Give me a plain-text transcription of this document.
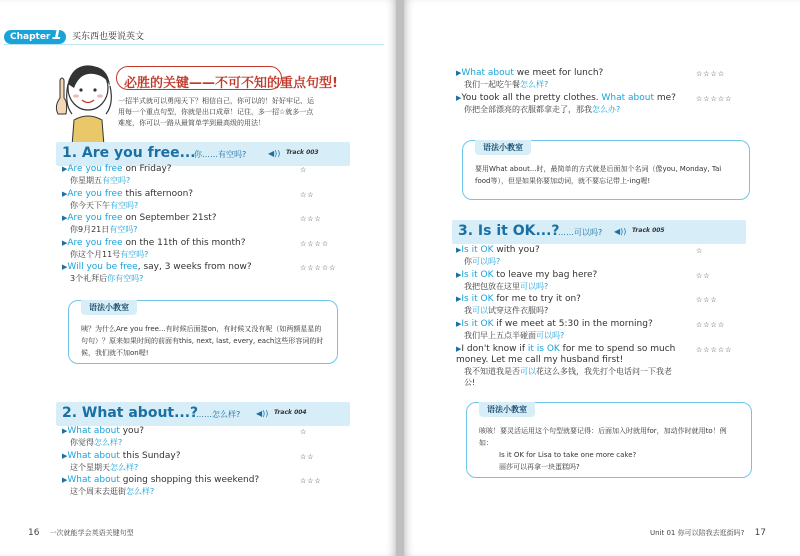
Chapter 1 买东西也要说英文
必胜的关键——不可不知的重点句型!
一招半式就可以勇闯天下？相信自己，你可以的！好好牢记、运用每一个重点句型，你就是出口成章！记住，多一招☆就多一点难度，你可以一路从最简单学到最高级的用法！
1. Are you free...
你……有空吗?	◀)) Track 003
▶Are you free on Friday?
你星期五有空吗?
☆
▶Are you free this afternoon?
你今天下午有空吗?
☆☆
▶Are you free on September 21st?
你9月21日有空吗?
☆☆☆
▶Are you free on the 11th of this month?
你这个月11号有空吗?
☆☆☆☆
▶Will you be free, say, 3 weeks from now?
3个礼拜后你有空吗?
☆☆☆☆☆
语法小教室
咦？为什么Are you free...有时候后面接on，有时候又没有呢（如两额星星的句句）？原来如果时间的前面有this, next, last, every, each这些形容词的时候，我们就不加on喔!
2. What about...?
……怎么样? ◀)) Track 004
▶What about you?
你觉得怎么样?
☆
▶What about this Sunday?
这个星期天怎么样?
☆☆
▶What about going shopping this weekend?
这个周末去逛街怎么样?
☆☆☆
16 一次就能学会英语关键句型
▶What about we meet for lunch?
我们一起吃午餐怎么样?
☆☆☆☆
▶You took all the pretty clothes. What about me?
你把全部漂亮的衣服都拿走了，那我怎么办?
☆☆☆☆☆
语法小教室
要用What about...时，最简单的方式就是后面加个名词（像you, Monday, Tai food等），但是如果你要加动词，就不要忘记带上-ing喔!
3. Is it OK...?
……可以吗? ◀)) Track 005
▶Is it OK with you?
你可以吗?
☆
▶Is it OK to leave my bag here?
我把包放在这里可以吗?
☆☆
▶Is it OK for me to try it on?
我可以试穿这件衣服吗?
☆☆☆
▶Is it OK if we meet at 5:30 in the morning?
我们早上五点半碰面可以吗?
☆☆☆☆
▶I don't know if it is OK for me to spend so much money. Let me call my husband first!
我不知道我是否可以花这么多钱，我先打个电话问一下我老公!
☆☆☆☆☆
语法小教室
咳咳！要灵活运用这个句型就要记得：后面加入时就用for，加动作时就用to！例如：
Is it OK for Lisa to take one more cake?
丽莎可以再拿一块蛋糕吗?
Unit 01 你可以陪我去逛街吗? 17
